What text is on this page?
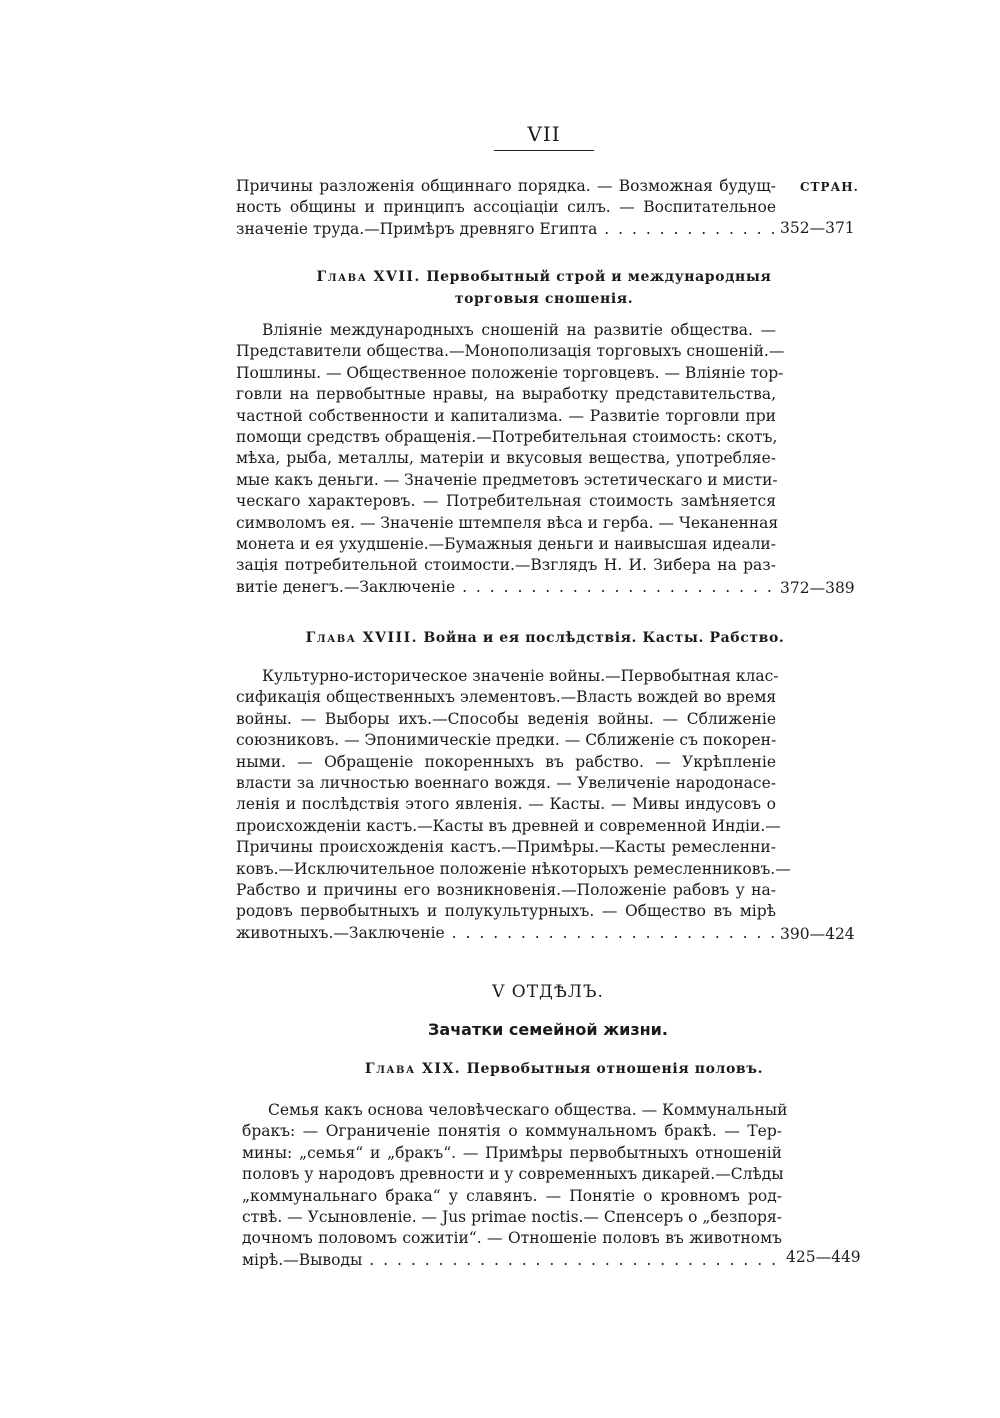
VII
СТРАН.

Причины разложенія общиннаго порядка. — Возможная будущ-

ность общины и принципъ ассоціаціи силъ. — Воспитательное

значеніе труда.—Примѣръ древняго Египта . . .	352—371
Глава XVII. Первобытный строй и международныя
торговыя сношенія.

Вліяніе международныхъ сношеній на развитіе общества. —

Представители общества.—Монополизація торговыхъ сношеній.—

Пошлины. — Общественное положеніе торговцевъ. — Вліяніе тор-

говли на первобытные нравы, на выработку представительства,

частной собственности и капитализма. — Развитіе торговли при

помощи средствъ обращенія.—Потребительная стоимость: скотъ,

мѣха, рыба, металлы, матеріи и вкусовыя вещества, употребляе-

мые какъ деньги. — Значеніе предметовъ эстетическаго и мисти-

ческаго характеровъ. — Потребительная стоимость замѣняется

символомъ ея. — Значеніе штемпеля вѣса и герба. — Чеканенная

монета и ея ухудшеніе.—Бумажныя деньги и наивысшая идеали-

зація потребительной стоимости.—Взглядъ Н. И. Зибера на раз-

витіе денегъ.—Заключеніе . . .	372—389
Глава XVIII. Война и ея послѣдствія. Касты. Рабство.

Культурно-историческое значеніе войны.—Первобытная клас-

сификація общественныхъ элементовъ.—Власть вождей во время

войны. — Выборы ихъ.—Способы веденія войны. — Сближеніе

союзниковъ. — Эпонимическіе предки. — Сближеніе съ покорен-

ными. — Обращеніе покоренныхъ въ рабство. — Укрѣпленіе

власти за личностью военнаго вождя. — Увеличеніе народонасе-

ленія и послѣдствія этого явленія. — Касты. — Мивы индусовъ о

происхожденіи кастъ.—Касты въ древней и современной Индіи.—

Причины происхожденія кастъ.—Примѣры.—Касты ремесленни-

ковъ.—Исключительное положеніе нѣкоторыхъ ремесленниковъ.—

Рабство и причины его возникновенія.—Положеніе рабовъ у на-

родовъ первобытныхъ и полукультурныхъ. — Общество въ мірѣ

животныхъ.—Заключеніе . . .	390—424
V ОТДѢЛЪ.
Зачатки семейной жизни.
Глава XIX. Первобытныя отношенія половъ.

Семья какъ основа человѣческаго общества. — Коммунальный

бракъ: — Ограниченіе понятія о коммунальномъ бракѣ. — Тер-

мины: „семья“ и „бракъ“. — Примѣры первобытныхъ отношеній

половъ у народовъ древности и у современныхъ дикарей.—Слѣды

„коммунальнаго брака“ у славянъ. — Понятіе о кровномъ род-

ствѣ. — Усыновленіе. — Jus primae noctis.— Спенсеръ о „безпоря-

дочномъ половомъ сожитіи“. — Отношеніе половъ въ животномъ

мірѣ.—Выводы . . .	425—449
